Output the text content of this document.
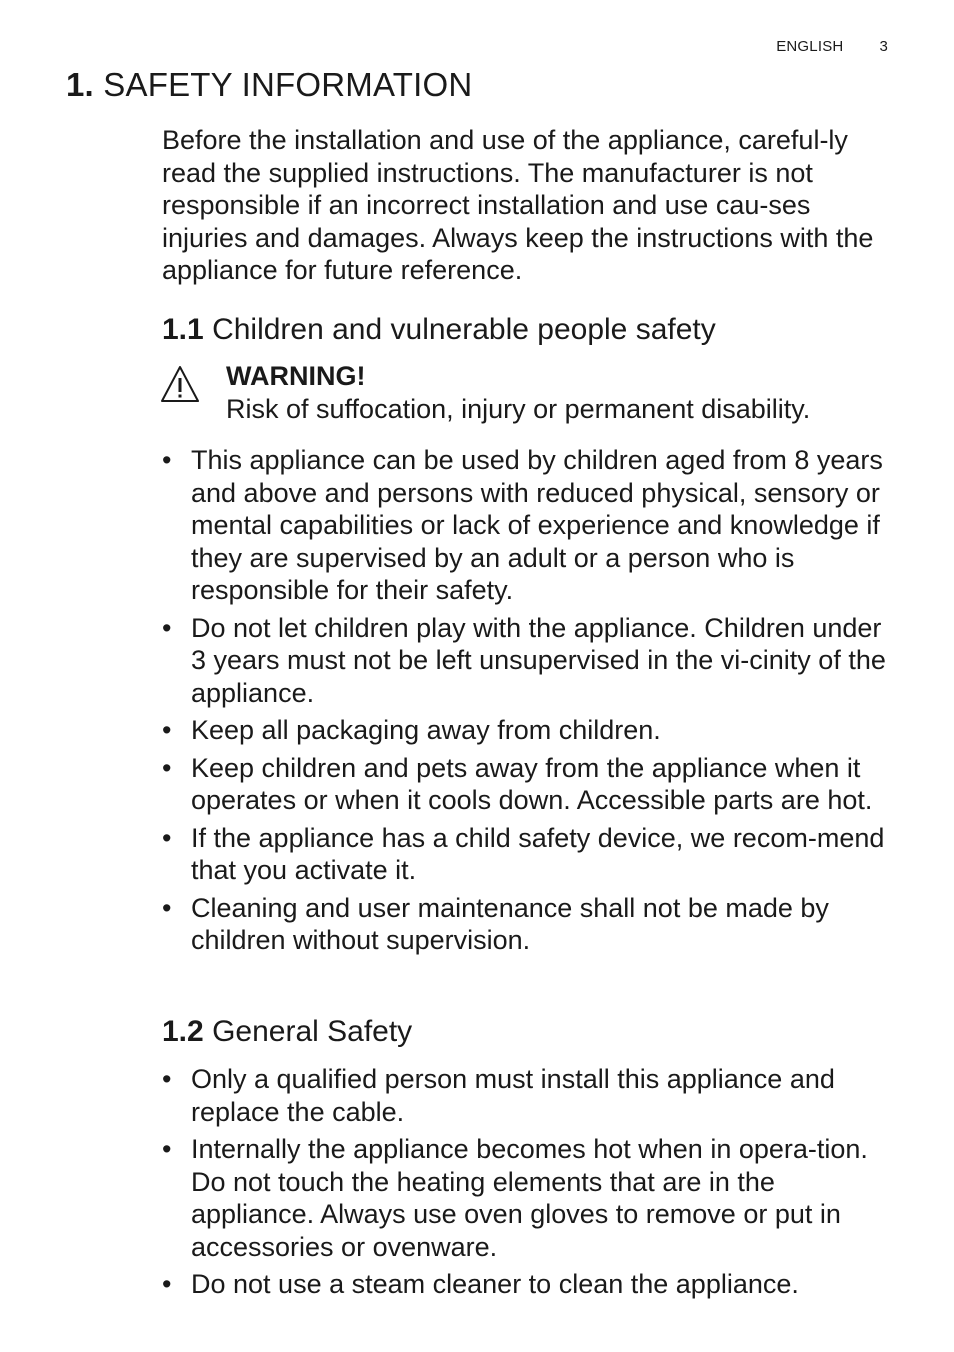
ENGLISH 3
1. SAFETY INFORMATION

Before the installation and use of the appliance, careful-ly read the supplied instructions. The manufacturer is not responsible if an incorrect installation and use cau-ses injuries and damages. Always keep the instructions with the appliance for future reference.

1.1 Children and vulnerable people safety
WARNING!
Risk of suffocation, injury or permanent disability.
• This appliance can be used by children aged from 8 years and above and persons with reduced physical, sensory or mental capabilities or lack of experience and knowledge if they are supervised by an adult or a person who is responsible for their safety.
• Do not let children play with the appliance. Children under 3 years must not be left unsupervised in the vi-cinity of the appliance.
• Keep all packaging away from children.
• Keep children and pets away from the appliance when it operates or when it cools down. Accessible parts are hot.
• If the appliance has a child safety device, we recom-mend that you activate it.
• Cleaning and user maintenance shall not be made by children without supervision.
1.2 General Safety
• Only a qualified person must install this appliance and replace the cable.
• Internally the appliance becomes hot when in opera-tion. Do not touch the heating elements that are in the appliance. Always use oven gloves to remove or put in accessories or ovenware.
• Do not use a steam cleaner to clean the appliance.
